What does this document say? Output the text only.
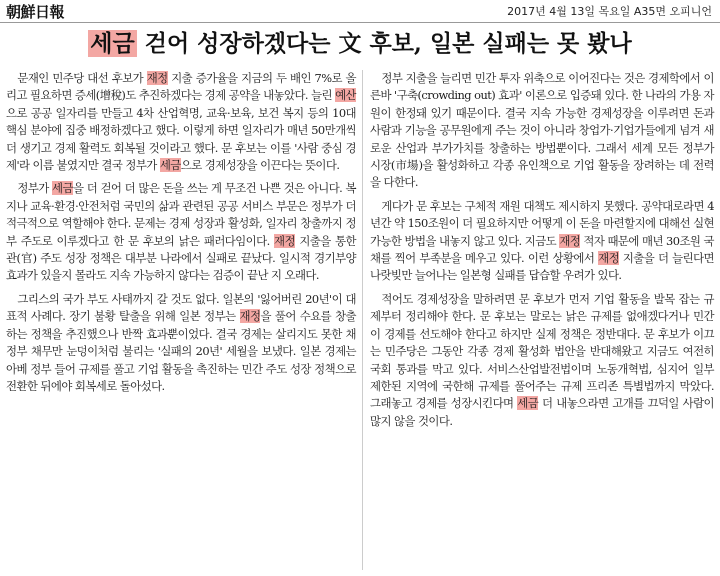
朝鮮日報	2017년 4월 13일 목요일 A35면 오피니언
세금 걷어 성장하겠다는 文 후보, 일본 실패는 못 봤나

문재인 민주당 대선 후보가 재정 지출 증가율을 지금의 두 배인 7%로 올리고 필요하면 증세(增稅)도 추진하겠다는 경제 공약을 내놓았다. 늘린 예산으로 공공 일자리를 만들고 4차 산업혁명, 교육·보육, 보건 복지 등의 10대 핵심 분야에 집중 배정하겠다고 했다. 이렇게 하면 일자리가 매년 50만개씩 더 생기고 경제 활력도 회복될 것이라고 했다. 문 후보는 이를 '사람 중심 경제'라 이름 붙였지만 결국 정부가 세금으로 경제성장을 이끈다는 뜻이다.

정부가 세금을 더 걷어 더 많은 돈을 쓰는 게 무조건 나쁜 것은 아니다. 복지나 교육·환경·안전처럼 국민의 삶과 관련된 공공 서비스 부문은 정부가 더 적극적으로 역할해야 한다. 문제는 경제 성장과 활성화, 일자리 창출까지 정부 주도로 이루겠다고 한 문 후보의 낡은 패러다임이다. 재정 지출을 통한 관(官) 주도 성장 정책은 대부분 나라에서 실패로 끝났다. 일시적 경기부양 효과가 있을지 몰라도 지속 가능하지 않다는 검증이 끝난 지 오래다.

그리스의 국가 부도 사태까지 갈 것도 없다. 일본의 '잃어버린 20년'이 대표적 사례다. 장기 불황 탈출을 위해 일본 정부는 재정을 풀어 수요를 창출하는 정책을 추진했으나 반짝 효과뿐이었다. 결국 경제는 살리지도 못한 채 정부 채무만 눈덩이처럼 불리는 '실패의 20년' 세월을 보냈다. 일본 경제는 아베 정부 들어 규제를 풀고 기업 활동을 촉진하는 민간 주도 성장 정책으로 전환한 뒤에야 회복세로 돌아섰다.

정부 지출을 늘리면 민간 투자 위축으로 이어진다는 것은 경제학에서 이른바 '구축(crowding out) 효과' 이론으로 입증돼 있다. 한 나라의 가용 자원이 한정돼 있기 때문이다. 결국 지속 가능한 경제성장을 이루려면 돈과 사람과 기능을 공무원에게 주는 것이 아니라 창업가·기업가들에게 넘겨 새로운 산업과 부가가치를 창출하는 방법뿐이다. 그래서 세계 모든 정부가 시장(市場)을 활성화하고 각종 유인책으로 기업 활동을 장려하는 데 전력을 다한다.

게다가 문 후보는 구체적 재원 대책도 제시하지 못했다. 공약대로라면 4년간 약 150조원이 더 필요하지만 어떻게 이 돈을 마련할지에 대해선 실현 가능한 방법을 내놓지 않고 있다. 지금도 재정 적자 때문에 매년 30조원 국채를 찍어 부족분을 메우고 있다. 이런 상황에서 재정 지출을 더 늘린다면 나랏빚만 늘어나는 일본형 실패를 답습할 우려가 있다.

적어도 경제성장을 말하려면 문 후보가 먼저 기업 활동을 발목 잡는 규제부터 정리해야 한다. 문 후보는 말로는 낡은 규제를 없애겠다거나 민간이 경제를 선도해야 한다고 하지만 실제 정책은 정반대다. 문 후보가 이끄는 민주당은 그동안 각종 경제 활성화 법안을 반대해왔고 지금도 여전히 국회 통과를 막고 있다. 서비스산업발전법이며 노동개혁법, 심지어 일부 제한된 지역에 국한해 규제를 풀어주는 규제 프리존 특별법까지 막았다. 그래놓고 경제를 성장시킨다며 세금 더 내놓으라면 고개를 끄덕일 사람이 많지 않을 것이다.
